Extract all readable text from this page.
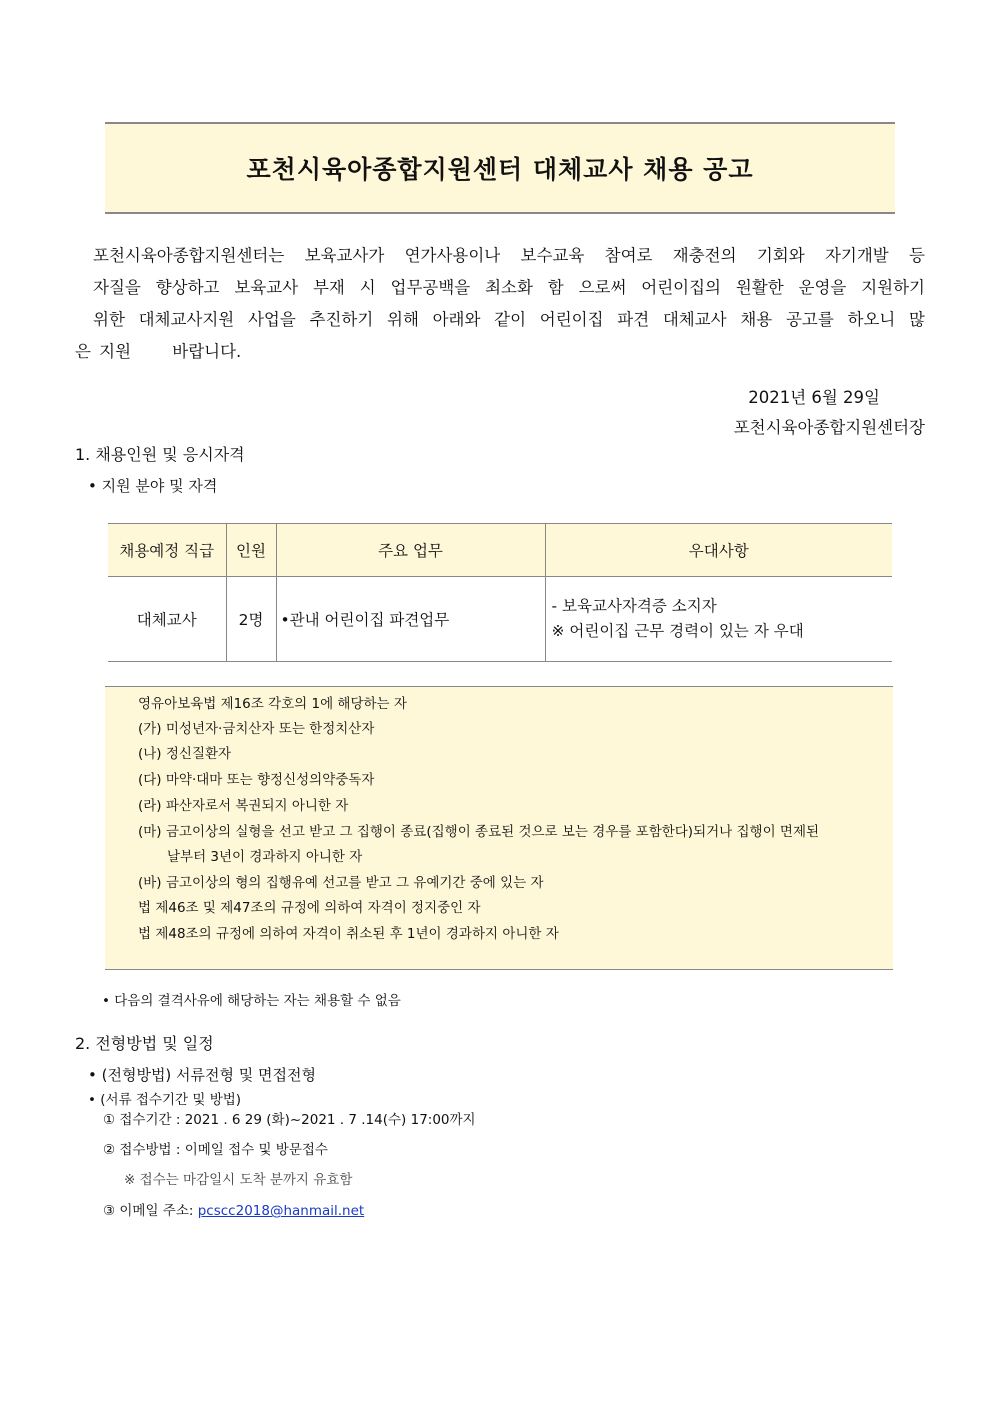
포천시육아종합지원센터 대체교사 채용 공고

포천시육아종합지원센터는 보육교사가 연가사용이나 보수교육 참여로 재충전의 기회와 자기개발 등

자질을 향상하고 보육교사 부재 시 업무공백을 최소화 함 으로써 어린이집의 원활한 운영을 지원하기

위한 대체교사지원 사업을 추진하기 위해 아래와 같이 어린이집 파견 대체교사 채용 공고를 하오니 많

은 지원     바랍니다.

2021년 6월 29일
포천시육아종합지원센터장
1. 채용인원 및 응시자격
• 지원 분야 및 자격
채용예정 직급	인원	주요 업무	우대사항
대체교사	2명	•관내 어린이집 파견업무	- 보육교사자격증 소지자
※ 어린이집 근무 경력이 있는 자 우대
영유아보육법 제16조 각호의 1에 해당하는 자
(가) 미성년자·금치산자 또는 한정치산자
(나) 정신질환자
(다) 마약·대마 또는 향정신성의약중독자
(라) 파산자로서 복권되지 아니한 자
(마) 금고이상의 실형을 선고 받고 그 집행이 종료(집행이 종료된 것으로 보는 경우를 포함한다)되거나 집행이 면제된
날부터 3년이 경과하지 아니한 자
(바) 금고이상의 형의 집행유예 선고를 받고 그 유예기간 중에 있는 자
법 제46조 및 제47조의 규정에 의하여 자격이 정지중인 자
법 제48조의 규정에 의하여 자격이 취소된 후 1년이 경과하지 아니한 자
• 다음의 결격사유에 해당하는 자는 채용할 수 없음
2. 전형방법 및 일정
• (전형방법) 서류전형 및 면접전형
• (서류 접수기간 및 방법)
① 접수기간 : 2021 . 6 29 (화)~2021 . 7 .14(수) 17:00까지
② 접수방법 : 이메일 접수 및 방문접수
※ 접수는 마감일시 도착 분까지 유효함
③ 이메일 주소: pcscc2018@hanmail.net
